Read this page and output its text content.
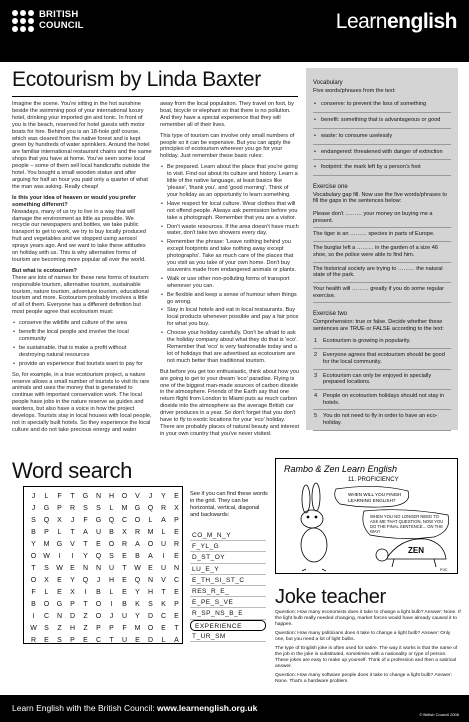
BRITISH
COUNCIL	Learnenglish
Ecotourism by Linda Baxter

Imagine the scene. You're sitting in the hot sunshine beside the swimming pool of your international luxury hotel, drinking your imported gin and tonic. In front of you is the beach, reserved for hotel guests with motor boats for hire. Behind you is an 18-hole golf course, which was cleared from the native forest and is kept green by hundreds of water sprinklers. Around the hotel are familiar international restaurant chains and the same shops that you have at home. You've seen some local people – some of them sell local handicrafts outside the hotel. You bought a small wooden statue and after arguing for half an hour you paid only a quarter of what the man was asking. Really cheap!

Is this your idea of heaven or would you prefer something different?

Nowadays, many of us try to live in a way that will damage the environment as little as possible. We recycle our newspapers and bottles, we take public transport to get to work, we try to buy locally produced fruit and vegetables and we stopped using aerosol sprays years ago. And we want to take these attitudes on holiday with us. This is why alternative forms of tourism are becoming more popular all over the world.

But what is ecotourism?

There are lots of names for these new forms of tourism: responsible tourism, alternative tourism, sustainable tourism, nature tourism, adventure tourism, educational tourism and more. Ecotourism probably involves a little of all of them. Everyone has a different definition but most people agree that ecotourism must:

• conserve the wildlife and culture of the area
• benefit the local people and involve the local community
• be sustainable, that is make a profit without destroying natural resources
• provide an experience that tourists want to pay for

So, for example, in a true ecotourism project, a nature reserve allows a small number of tourists to visit its rare animals and uses the money that is generated to continue with important conservation work. The local people have jobs in the nature reserve as guides and wardens, but also have a voice in how the project develops. Tourists stay in local houses with local people, not in specially built hotels. So they experience the local culture and do not take precious energy and water

away from the local population. They travel on foot, by boat, bicycle or elephant so that there is no pollution. And they have a special experience that they will remember all of their lives.

This type of tourism can involve only small numbers of people so it can be expensive. But you can apply the principles of ecotourism wherever you go for your holiday. Just remember these basic rules:

• Be prepared. Learn about the place that you're going to visit. Find out about its culture and history. Learn a little of the native language, at least basics like 'please', 'thank you', and 'good morning'. Think of your holiday as an opportunity to learn something.
• Have respect for local culture. Wear clothes that will not offend people. Always ask permission before you take a photograph. Remember that you are a visitor.
• Don't waste resources. If the area doesn't have much water, don't take two showers every day.
• Remember the phrase: 'Leave nothing behind you except footprints and take nothing away except photographs'. Take as much care of the places that you visit as you take of your own home. Don't buy souvenirs made from endangered animals or plants.
• Walk or use other non-polluting forms of transport whenever you can.
• Be flexible and keep a sense of humour when things go wrong.
• Stay in local hotels and eat in local restaurants. Buy local products whenever possible and pay a fair price for what you buy.
• Choose your holiday carefully. Don't be afraid to ask the holiday company about what they do that is 'eco'. Remember that 'eco' is very fashionable today and a lot of holidays that are advertised as ecotourism are not much better than traditional tourism.

But before you get too enthusiastic, think about how you are going to get to your dream 'eco' paradise. Flying is one of the biggest man-made sources of carbon dioxide in the atmosphere. Friends of the Earth say that one return flight from London to Miami puts as much carbon dioxide into the atmosphere as the average British car driver produces in a year. So don't forget that you don't have to fly to exotic locations for your 'eco' holiday. There are probably places of natural beauty and interest in your own country that you've never visited.

Vocabulary
Five words/phrases from the text:
• conserve: to prevent the loss of something
• benefit: something that is advantageous or good
• waste: to consume uselessly
• endangered: threatened with danger of extinction
• footprint: the mark left by a person's foot
Exercise one
Vocabulary gap fill. Now use the five words/phrases to fill the gaps in the sentences below:
Please don't ……… your money on buying me a present.
The tiger is an ……… species in parts of Europe.
The burglar left a ……… in the garden of a size 46 shoe, so the police were able to find him.
The historical society are trying to ……… the natural state of the park.
Your health will ……… greatly if you do some regular exercise.
Exercise two
Comprehension: true or false. Decide whether these sentences are TRUE or FALSE according to the text:
1 Ecotourism is growing in popularity.
2 Everyone agrees that ecotourism should be good for the local community.
3 Ecotourism can only be enjoyed in specially prepared locations.
4 People on ecotourism holidays should not stay in hotels.
5 You do not need to fly in order to have an eco-holiday.
Word search
J	L	F	T	G	N	H	O	V	J	Y	E
J	G	P	R	S	S	L	M	G	Q	R	X
S	Q	X	J	F	G	Q	C	O	L	A	P
B	P	L	T	A	U	B	X	R	M	L	E
Y	M	G	V	T	E	O	R	A	O	U	R
O W	I	I	Y	Q	S	E	B	A	I	E
T	S	W	E	N	N	U	T	W	E	U	N
O	X	E	Y	Q	J	H	E	Q	N	V	C
F	L	E	X	I	B	L	E	Y	H	T	E
B	O	G	P	T	O	I	B	K	S	K	P
I	C	N	D	Z	O	J	U	Y	D	C	E
W	S	Z	H	Z	P	P	F	M	O	E	T
R	E	S	P	E	C	T	U	E	D	L	A
See if you can find these words in the grid. They can be horizontal, vertical, diagonal and backwards:
CO_M_N_Y
F_YL_G
D_ST_OY
LU_E_Y
E_TH_SI_ST_C
RES_R_E_
E_PE_S_VE
R_SP_NS_B_E
EXPERIENCE
T_UR_SM
Rambo & Zen Learn English
11. PROFICIENCY
WHEN WILL YOU FINISH
LEARNING ENGLISH?
WHEN YOU NO LONGER NEED TO ASK ME THAT QUESTION. NOW YOU DO THE FINAL SENTENCE... ON THE WAY!
ZEN
PJC
Joke teacher

Question: How many economists does it take to change a light bulb? Answer: None. If the light bulb really needed changing, market forces would have already caused it to happen.

Question: How many politicians does it take to change a light bulb? Answer: Only one, but you need a lot of light bulbs.

The type of English joke is often used for satire. The way it works is that the name of the job in the joke is substituted, sometimes with a nationality or type of person. These jokes are easy to make up yourself. Think of a profession and then a satirical answer.

Question: How many software people does it take to change a light bulb? Answer: None. That's a hardware problem.

Learn English with the British Council: www.learnenglish.org.uk
© British Council 2006
